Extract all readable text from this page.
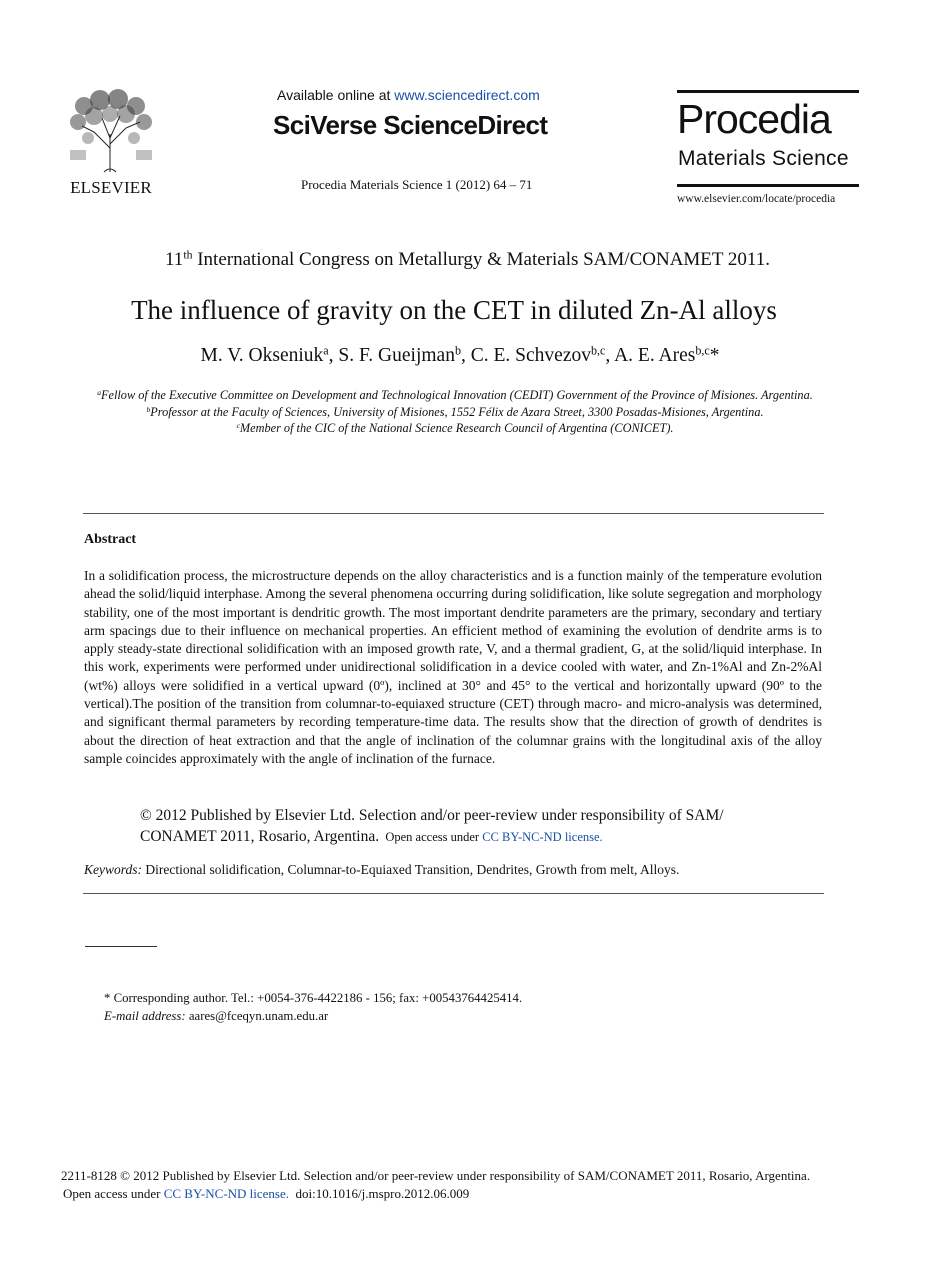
ELSEVIER
Available online at www.sciencedirect.com
SciVerse ScienceDirect
Procedia Materials Science 1 (2012) 64 – 71
Procedia
Materials Science
www.elsevier.com/locate/procedia
11th International Congress on Metallurgy & Materials SAM/CONAMET 2011.
The influence of gravity on the CET in diluted Zn-Al alloys
M. V. Okseniuk$^a$, S. F. Gueijman$^b$, C. E. Schvezov$^{b,c}$, A. E. Ares$^{b,c}$*
$^a$Fellow of the Executive Committee on Development and Technological Innovation (CEDIT) Government of the Province of Misiones. Argentina.
$^b$Professor at the Faculty of Sciences, University of Misiones, 1552 Félix de Azara Street, 3300 Posadas-Misiones, Argentina.
$^c$Member of the CIC of the National Science Research Council of Argentina (CONICET).
Abstract
In a solidification process, the microstructure depends on the alloy characteristics and is a function mainly of the temperature evolution ahead the solid/liquid interphase. Among the several phenomena occurring during solidification, like solute segregation and morphology stability, one of the most important is dendritic growth. The most important dendrite parameters are the primary, secondary and tertiary arm spacings due to their influence on mechanical properties. An efficient method of examining the evolution of dendrite arms is to apply steady-state directional solidification with an imposed growth rate, V, and a thermal gradient, G, at the solid/liquid interphase. In this work, experiments were performed under unidirectional solidification in a device cooled with water, and Zn-1%Al and Zn-2%Al (wt%) alloys were solidified in a vertical upward (0º), inclined at 30° and 45° to the vertical and horizontally upward (90º to the vertical).The position of the transition from columnar-to-equiaxed structure (CET) through macro- and micro-analysis was determined, and significant thermal parameters by recording temperature-time data. The results show that the direction of growth of dendrites is about the direction of heat extraction and that the angle of inclination of the columnar grains with the longitudinal axis of the alloy sample coincides approximately with the angle of inclination of the furnace.
© 2012 Published by Elsevier Ltd. Selection and/or peer-review under responsibility of SAM/
CONAMET 2011, Rosario, Argentina. Open access under CC BY-NC-ND license.
Keywords: Directional solidification, Columnar-to-Equiaxed Transition, Dendrites, Growth from melt, Alloys.
* Corresponding author. Tel.: +0054-376-4422186 - 156; fax: +00543764425414.
E-mail address: aares@fceqyn.unam.edu.ar
2211-8128 © 2012 Published by Elsevier Ltd. Selection and/or peer-review under responsibility of SAM/CONAMET 2011, Rosario, Argentina.
Open access under CC BY-NC-ND license.  doi:10.1016/j.mspro.2012.06.009
